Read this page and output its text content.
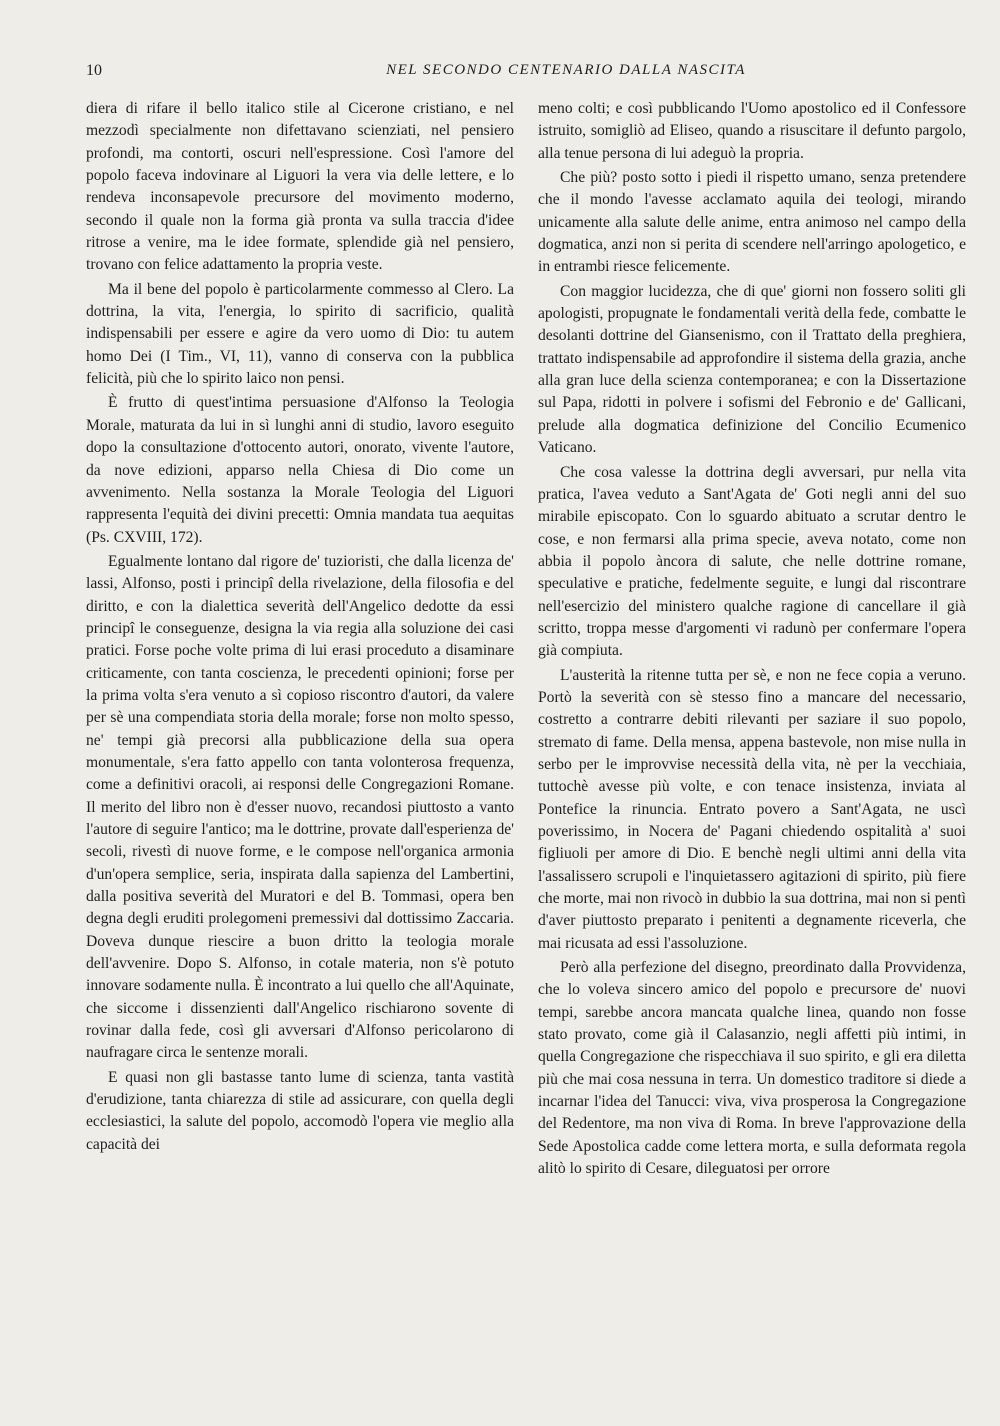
10	NEL SECONDO CENTENARIO DALLA NASCITA

diera di rifare il bello italico stile al Cicerone cristiano, e nel mezzodì specialmente non difettavano scienziati, nel pensiero profondi, ma contorti, oscuri nell'espressione. Così l'amore del popolo faceva indovinare al Liguori la vera via delle lettere, e lo rendeva inconsapevole precursore del movimento moderno, secondo il quale non la forma già pronta va sulla traccia d'idee ritrose a venire, ma le idee formate, splendide già nel pensiero, trovano con felice adattamento la propria veste.

Ma il bene del popolo è particolarmente commesso al Clero. La dottrina, la vita, l'energia, lo spirito di sacrificio, qualità indispensabili per essere e agire da vero uomo di Dio: tu autem homo Dei (I Tim., VI, 11), vanno di conserva con la pubblica felicità, più che lo spirito laico non pensi.

È frutto di quest'intima persuasione d'Alfonso la Teologia Morale, maturata da lui in sì lunghi anni di studio, lavoro eseguito dopo la consultazione d'ottocento autori, onorato, vivente l'autore, da nove edizioni, apparso nella Chiesa di Dio come un avvenimento. Nella sostanza la Morale Teologia del Liguori rappresenta l'equità dei divini precetti: Omnia mandata tua aequitas (Ps. CXVIII, 172).

Egualmente lontano dal rigore de' tuzioristi, che dalla licenza de' lassi, Alfonso, posti i principî della rivelazione, della filosofia e del diritto, e con la dialettica severità dell'Angelico dedotte da essi principî le conseguenze, designa la via regia alla soluzione dei casi pratici. Forse poche volte prima di lui erasi proceduto a disaminare criticamente, con tanta coscienza, le precedenti opinioni; forse per la prima volta s'era venuto a sì copioso riscontro d'autori, da valere per sè una compendiata storia della morale; forse non molto spesso, ne' tempi già precorsi alla pubblicazione della sua opera monumentale, s'era fatto appello con tanta volonterosa frequenza, come a definitivi oracoli, ai responsi delle Congregazioni Romane. Il merito del libro non è d'esser nuovo, recandosi piuttosto a vanto l'autore di seguire l'antico; ma le dottrine, provate dall'esperienza de' secoli, rivestì di nuove forme, e le compose nell'organica armonia d'un'opera semplice, seria, inspirata dalla sapienza del Lambertini, dalla positiva severità del Muratori e del B. Tommasi, opera ben degna degli eruditi prolegomeni premessivi dal dottissimo Zaccaria. Doveva dunque riescire a buon dritto la teologia morale dell'avvenire. Dopo S. Alfonso, in cotale materia, non s'è potuto innovare sodamente nulla. È incontrato a lui quello che all'Aquinate, che siccome i dissenzienti dall'Angelico rischiarono sovente di rovinar dalla fede, così gli avversari d'Alfonso pericolarono di naufragare circa le sentenze morali.

E quasi non gli bastasse tanto lume di scienza, tanta vastità d'erudizione, tanta chiarezza di stile ad assicurare, con quella degli ecclesiastici, la salute del popolo, accomodò l'opera vie meglio alla capacità dei

meno colti; e così pubblicando l'Uomo apostolico ed il Confessore istruito, somigliò ad Eliseo, quando a risuscitare il defunto pargolo, alla tenue persona di lui adeguò la propria.

Che più? posto sotto i piedi il rispetto umano, senza pretendere che il mondo l'avesse acclamato aquila dei teologi, mirando unicamente alla salute delle anime, entra animoso nel campo della dogmatica, anzi non si perita di scendere nell'arringo apologetico, e in entrambi riesce felicemente.

Con maggior lucidezza, che di que' giorni non fossero soliti gli apologisti, propugnate le fondamentali verità della fede, combatte le desolanti dottrine del Giansenismo, con il Trattato della preghiera, trattato indispensabile ad approfondire il sistema della grazia, anche alla gran luce della scienza contemporanea; e con la Dissertazione sul Papa, ridotti in polvere i sofismi del Febronio e de' Gallicani, prelude alla dogmatica definizione del Concilio Ecumenico Vaticano.

Che cosa valesse la dottrina degli avversari, pur nella vita pratica, l'avea veduto a Sant'Agata de' Goti negli anni del suo mirabile episcopato. Con lo sguardo abituato a scrutar dentro le cose, e non fermarsi alla prima specie, aveva notato, come non abbia il popolo àncora di salute, che nelle dottrine romane, speculative e pratiche, fedelmente seguite, e lungi dal riscontrare nell'esercizio del ministero qualche ragione di cancellare il già scritto, troppa messe d'argomenti vi radunò per confermare l'opera già compiuta.

L'austerità la ritenne tutta per sè, e non ne fece copia a veruno. Portò la severità con sè stesso fino a mancare del necessario, costretto a contrarre debiti rilevanti per saziare il suo popolo, stremato di fame. Della mensa, appena bastevole, non mise nulla in serbo per le improvvise necessità della vita, nè per la vecchiaia, tuttochè avesse più volte, e con tenace insistenza, inviata al Pontefice la rinuncia. Entrato povero a Sant'Agata, ne uscì poverissimo, in Nocera de' Pagani chiedendo ospitalità a' suoi figliuoli per amore di Dio. E benchè negli ultimi anni della vita l'assalissero scrupoli e l'inquietassero agitazioni di spirito, più fiere che morte, mai non rivocò in dubbio la sua dottrina, mai non si pentì d'aver piuttosto preparato i penitenti a degnamente riceverla, che mai ricusata ad essi l'assoluzione.

Però alla perfezione del disegno, preordinato dalla Provvidenza, che lo voleva sincero amico del popolo e precursore de' nuovi tempi, sarebbe ancora mancata qualche linea, quando non fosse stato provato, come già il Calasanzio, negli affetti più intimi, in quella Congregazione che rispecchiava il suo spirito, e gli era diletta più che mai cosa nessuna in terra. Un domestico traditore si diede a incarnar l'idea del Tanucci: viva, viva prosperosa la Congregazione del Redentore, ma non viva di Roma. In breve l'approvazione della Sede Apostolica cadde come lettera morta, e sulla deformata regola alitò lo spirito di Cesare, dileguatosi per orrore
